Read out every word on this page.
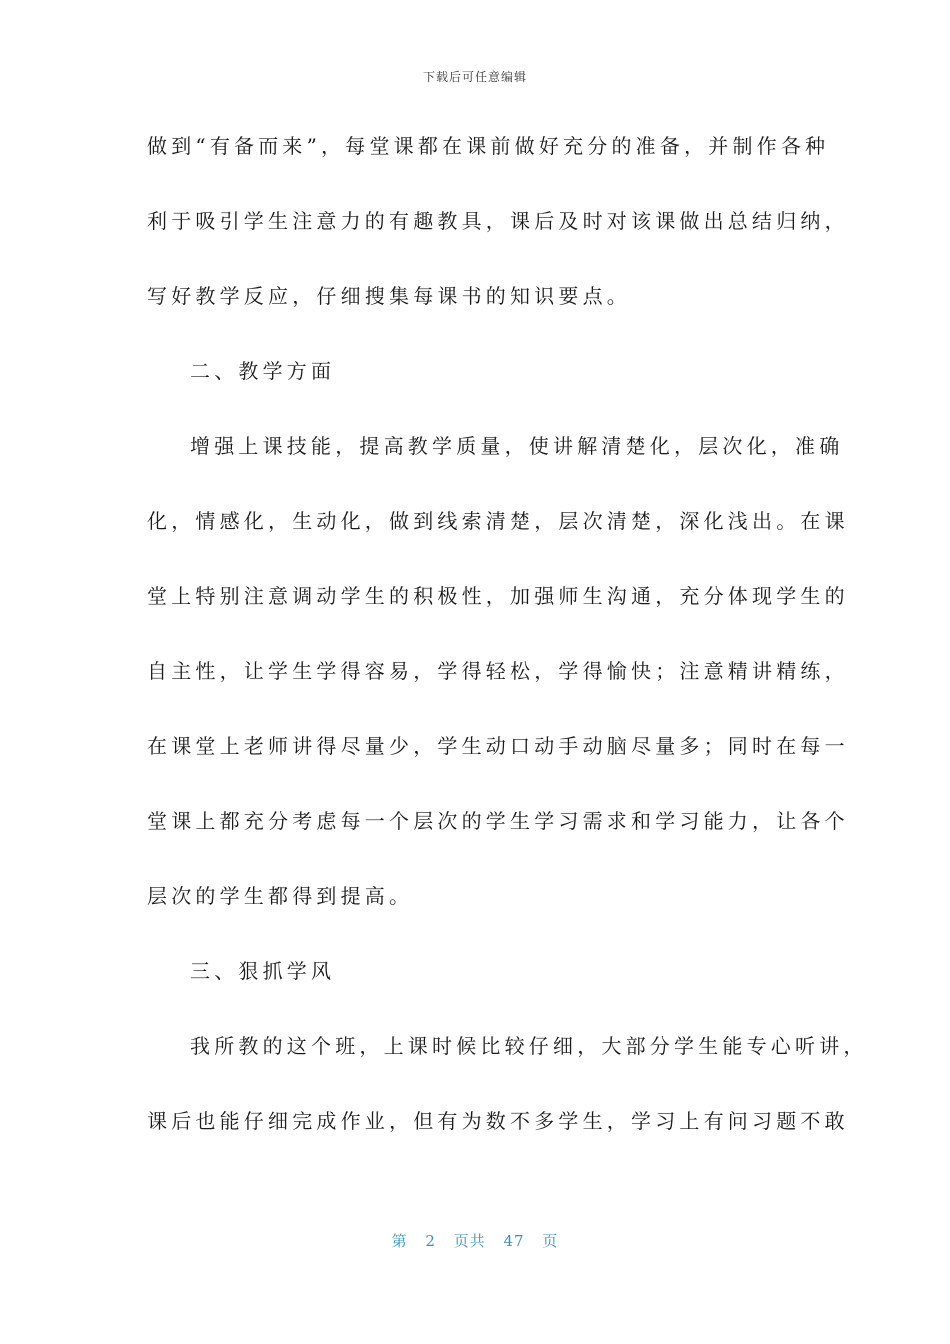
下载后可任意编辑
做到“有备而来”，每堂课都在课前做好充分的准备，并制作各种
利于吸引学生注意力的有趣教具，课后及时对该课做出总结归纳，
写好教学反应，仔细搜集每课书的知识要点。
二、教学方面
增强上课技能，提高教学质量，使讲解清楚化，层次化，准确
化，情感化，生动化，做到线索清楚，层次清楚，深化浅出。在课
堂上特别注意调动学生的积极性，加强师生沟通，充分体现学生的
自主性，让学生学得容易，学得轻松，学得愉快；注意精讲精练，
在课堂上老师讲得尽量少，学生动口动手动脑尽量多；同时在每一
堂课上都充分考虑每一个层次的学生学习需求和学习能力，让各个
层次的学生都得到提高。
三、狠抓学风
我所教的这个班，上课时候比较仔细，大部分学生能专心听讲，
课后也能仔细完成作业，但有为数不多学生，学习上有问习题不敢
第 2 页共 47 页
